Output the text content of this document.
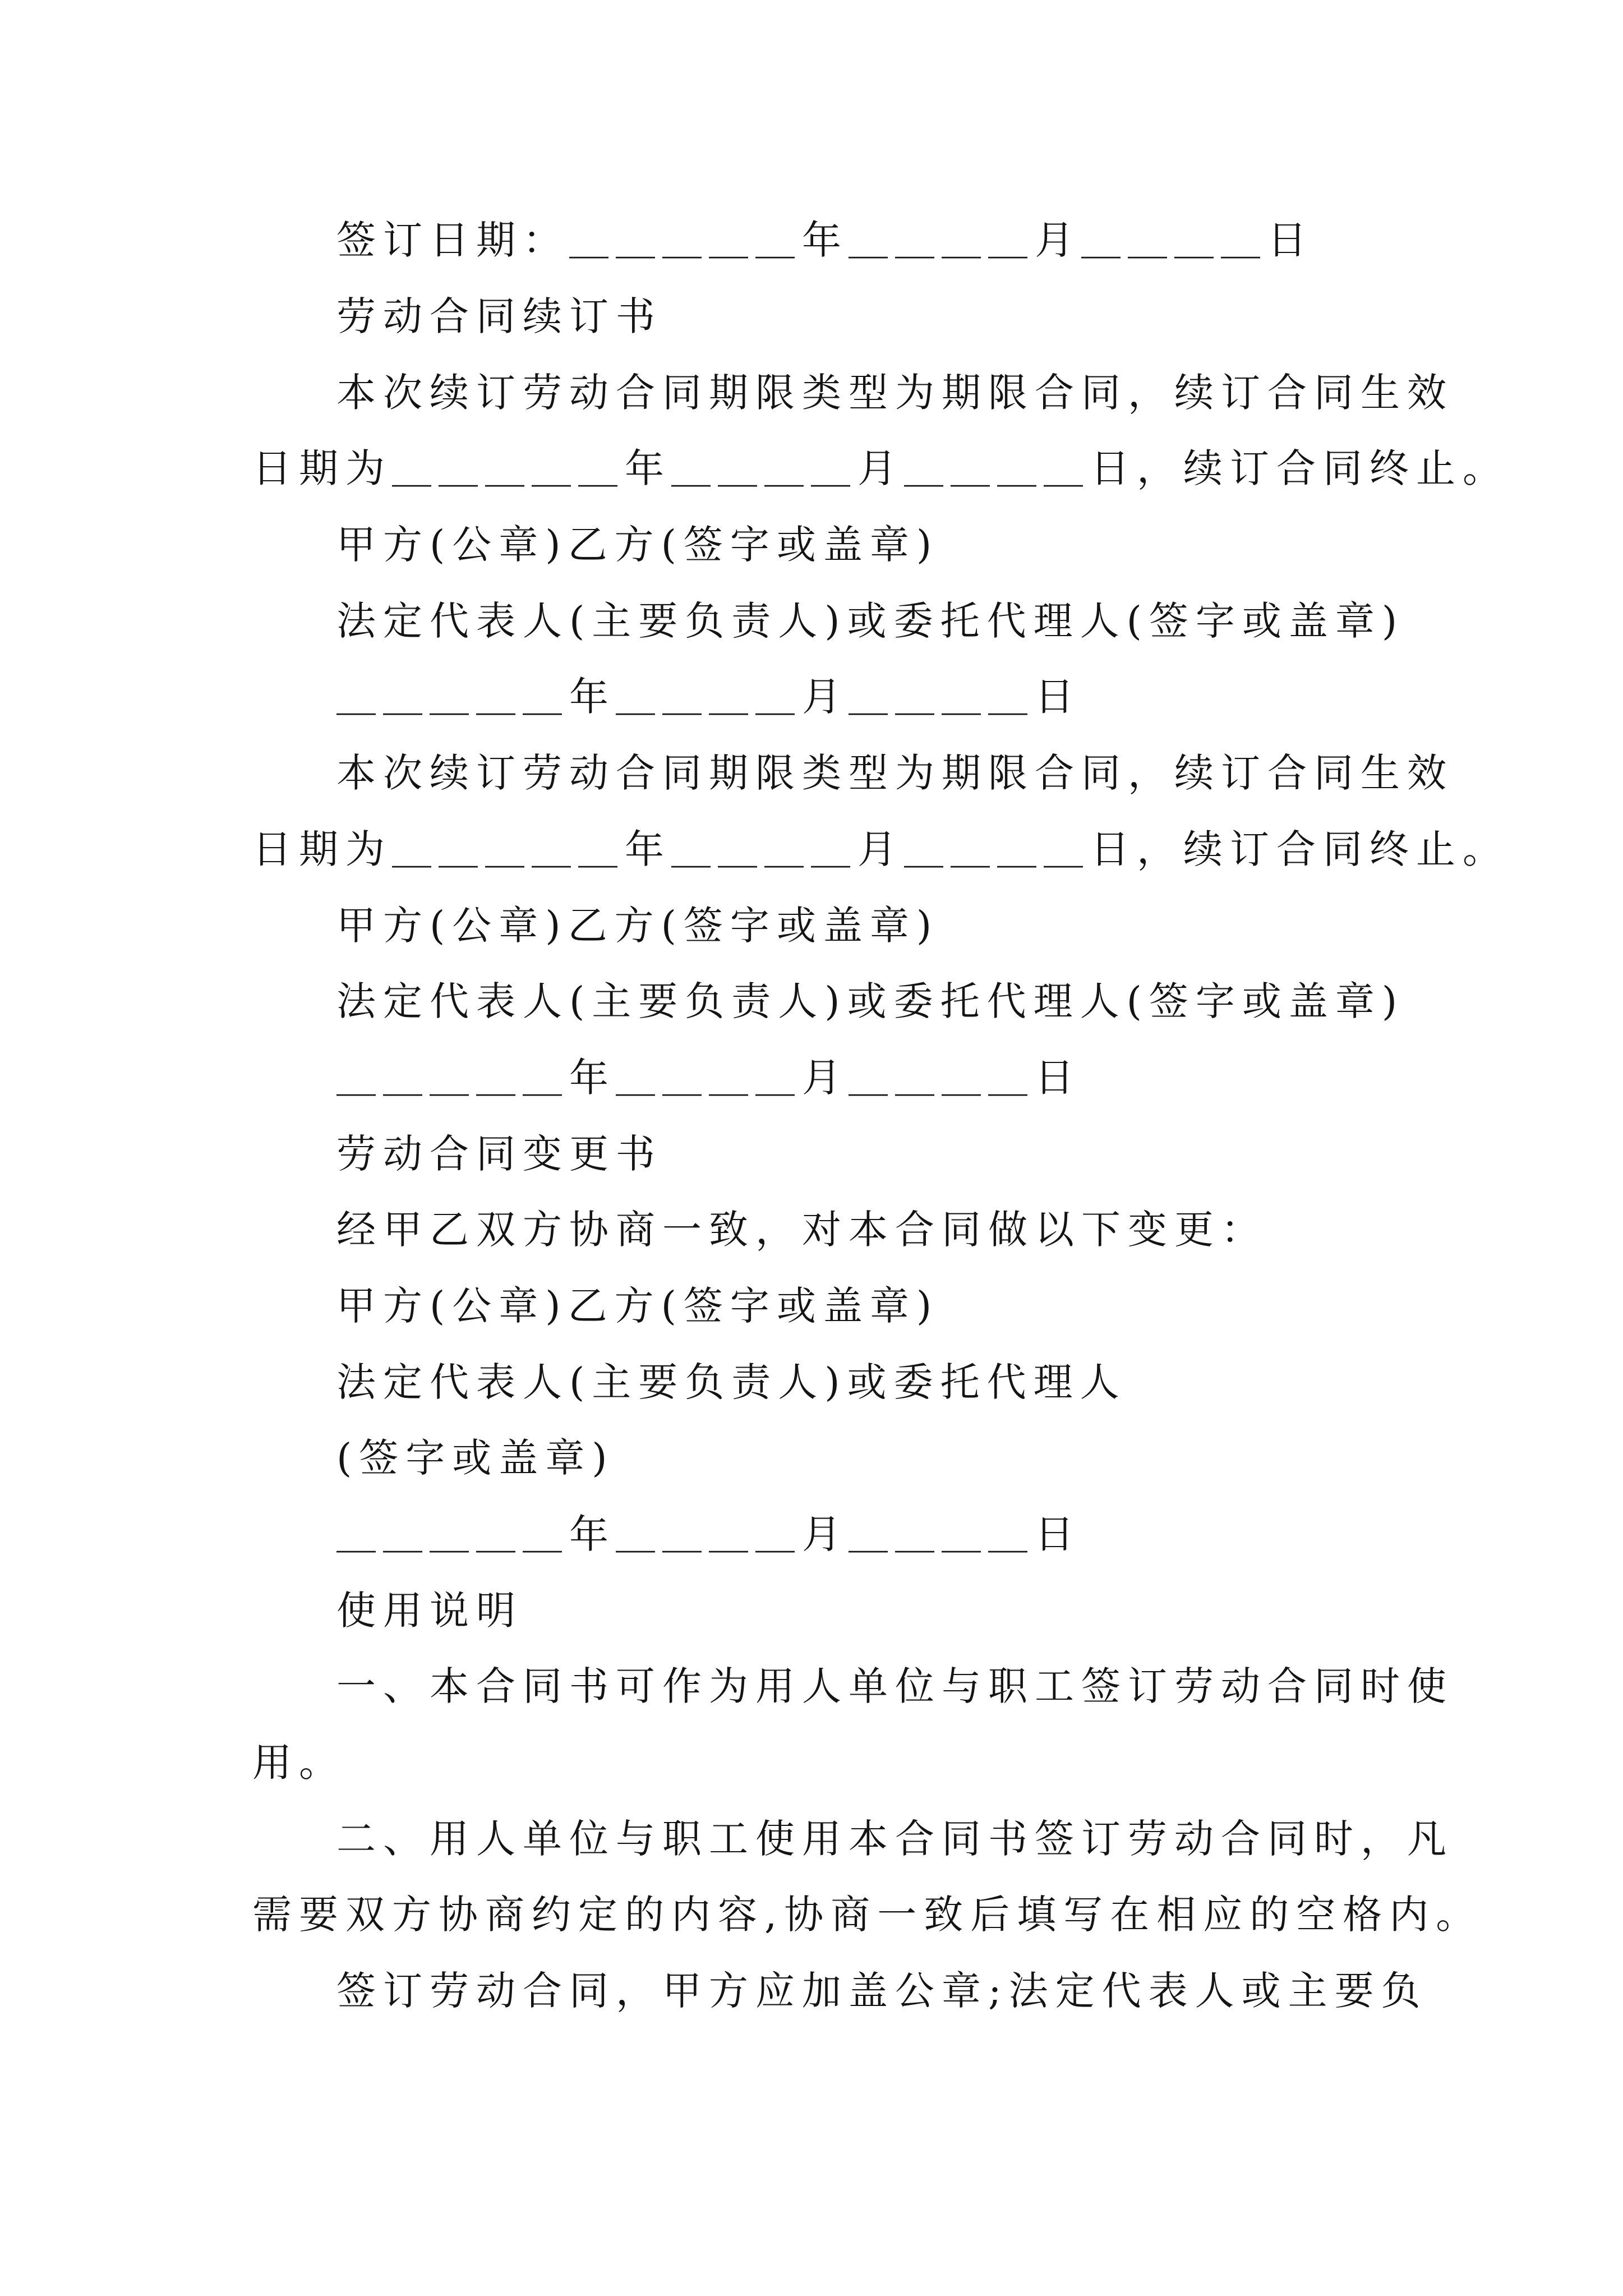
签订日期：＿＿＿＿＿年＿＿＿＿月＿＿＿＿日
劳动合同续订书
本次续订劳动合同期限类型为期限合同，续订合同生效
日期为＿＿＿＿＿年＿＿＿＿月＿＿＿＿日，续订合同终止。
甲方(公章)乙方(签字或盖章)
法定代表人(主要负责人)或委托代理人(签字或盖章)
＿＿＿＿＿年＿＿＿＿月＿＿＿＿日
本次续订劳动合同期限类型为期限合同，续订合同生效
日期为＿＿＿＿＿年＿＿＿＿月＿＿＿＿日，续订合同终止。
甲方(公章)乙方(签字或盖章)
法定代表人(主要负责人)或委托代理人(签字或盖章)
＿＿＿＿＿年＿＿＿＿月＿＿＿＿日
劳动合同变更书
经甲乙双方协商一致，对本合同做以下变更：
甲方(公章)乙方(签字或盖章)
法定代表人(主要负责人)或委托代理人
(签字或盖章)
＿＿＿＿＿年＿＿＿＿月＿＿＿＿日
使用说明
一、本合同书可作为用人单位与职工签订劳动合同时使
用。
二、用人单位与职工使用本合同书签订劳动合同时，凡
需要双方协商约定的内容,协商一致后填写在相应的空格内。
签订劳动合同，甲方应加盖公章;法定代表人或主要负
